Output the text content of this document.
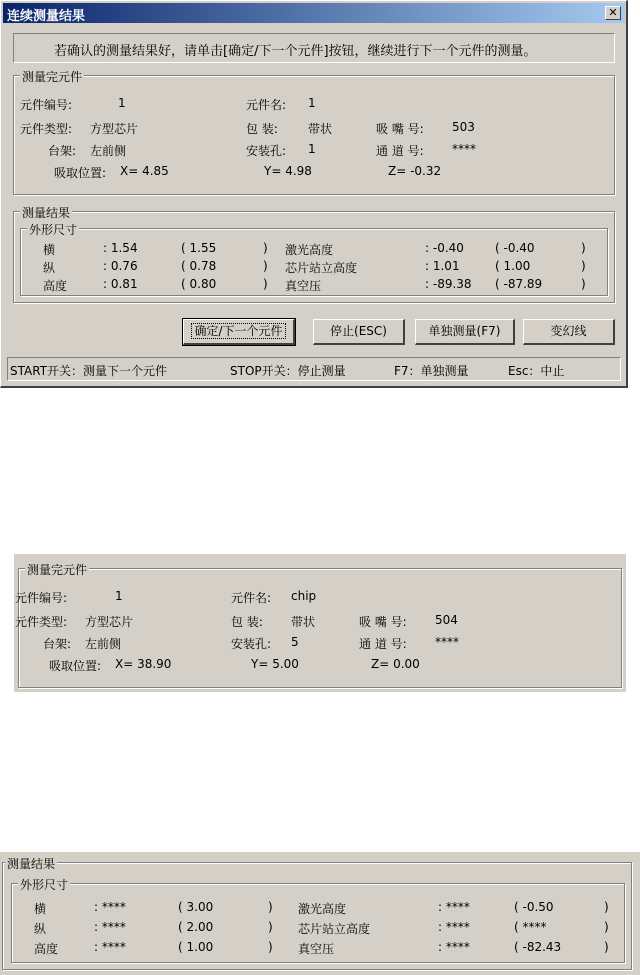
连续测量结果	✕
若确认的测量结果好，请单击[确定/下一个元件]按钮，继续进行下一个元件的测量。
测量完元件
元件编号:	1	元件名: 1
元件类型: 方型芯片	包 装:	带状	吸 嘴 号: 503
台架: 左前侧	安装孔: 1	通 道 号: ****
吸取位置: X= 4.85	Y= 4.98	Z= -0.32
测量结果
外形尺寸
横	: 1.54	( 1.55	) 激光高度	: -0.40	( -0.40	)
纵	: 0.76	( 0.78	) 芯片站立高度	: 1.01	( 1.00	)
高度	: 0.81	( 0.80	) 真空压	: -89.38 ( -87.89	)
确定/下一个元件	停止(ESC)	单独测量(F7)	变幻线
START开关：测量下一个元件	STOP开关：停止测量	F7：单独测量	Esc：中止
测量完元件
元件编号:	1	元件名: chip
元件类型: 方型芯片	包 装: 带状	吸 嘴 号: 504
台架: 左前侧	安装孔: 5	通 道 号: ****
吸取位置: X= 38.90	Y= 5.00	Z= 0.00
测量结果
外形尺寸
横	: ****	( 3.00	) 激光高度	: ****	( -0.50	)
纵	: ****	( 2.00	) 芯片站立高度	: ****	( ****	)
高度	: ****	( 1.00	) 真空压	: ****	( -82.43	)
